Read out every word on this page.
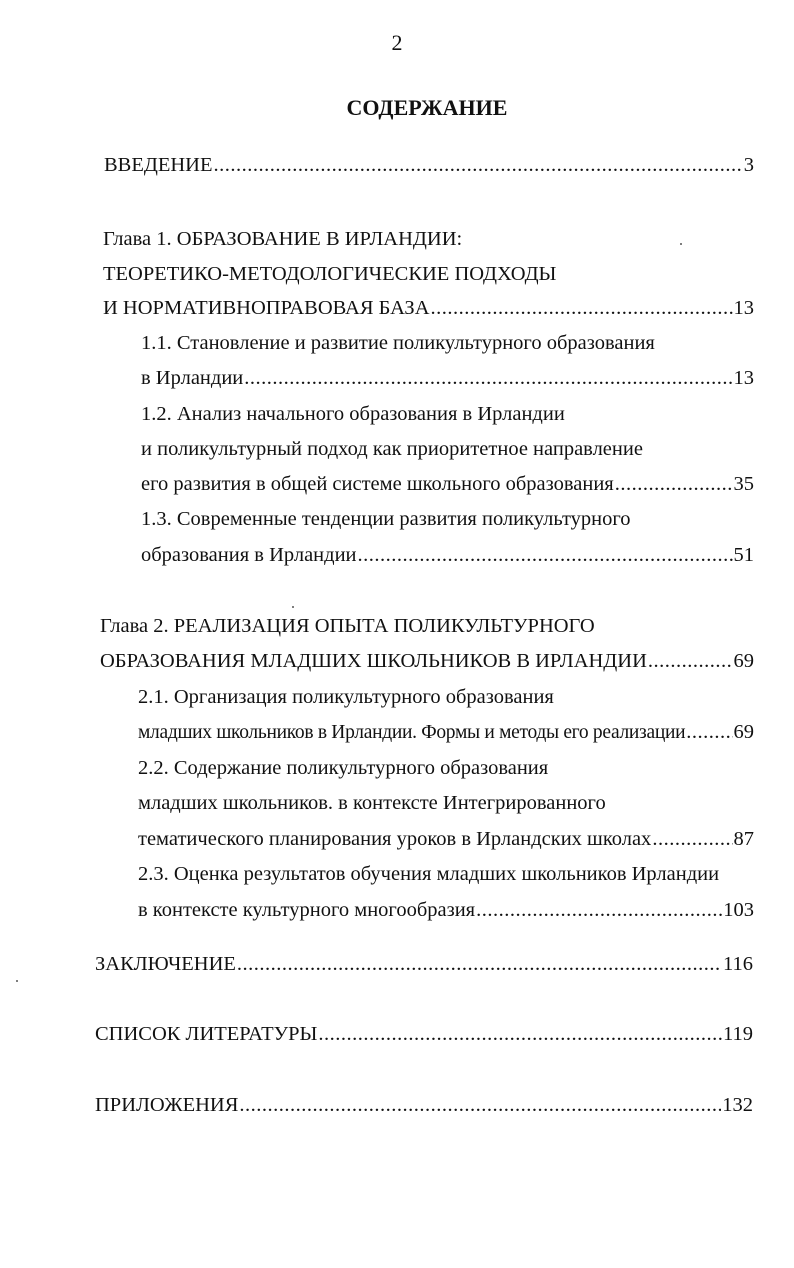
2
СОДЕРЖАНИЕ
ВВЕДЕНИЕ .....	3
Глава 1. ОБРАЗОВАНИЕ В ИРЛАНДИИ:
ТЕОРЕТИКО-МЕТОДОЛОГИЧЕСКИЕ ПОДХОДЫ
И НОРМАТИВНОПРАВОВАЯ БАЗА .....	13
1.1. Становление и развитие поликультурного образования
в Ирландии .....	13
1.2. Анализ начального образования в Ирландии
и поликультурный подход как приоритетное направление
его развития в общей системе школьного образования .....	35
1.3. Современные тенденции развития поликультурного
образования в Ирландии .....	51
Глава 2. РЕАЛИЗАЦИЯ ОПЫТА ПОЛИКУЛЬТУРНОГО
ОБРАЗОВАНИЯ МЛАДШИХ ШКОЛЬНИКОВ В ИРЛАНДИИ .....	69
2.1. Организация поликультурного образования
младших школьников в Ирландии. Формы и методы его реализации ..... 69
2.2. Содержание поликультурного образования
младших школьников. в контексте Интегрированного
тематического планирования уроков в Ирландских школах .....	87
2.3. Оценка результатов обучения младших школьников Ирландии
в контексте культурного многообразия .....	103
ЗАКЛЮЧЕНИЕ .....	116
СПИСОК ЛИТЕРАТУРЫ .....	119
ПРИЛОЖЕНИЯ .....	132
